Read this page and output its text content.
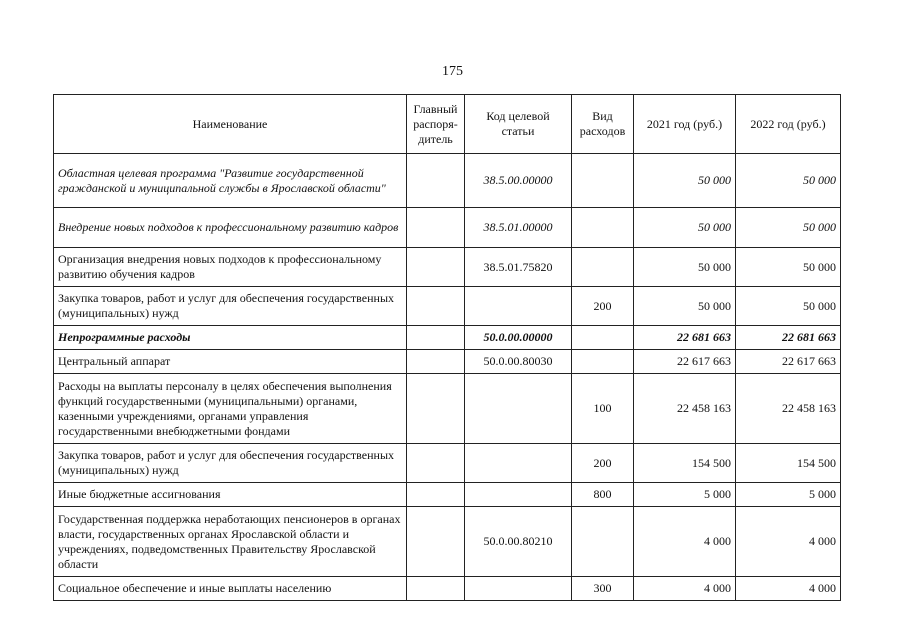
175
Наименование	Главный распоря-дитель	Код целевой статьи	Вид расходов	2021 год (руб.)	2022 год (руб.)
Областная целевая программа "Развитие государственной гражданской и муниципальной службы в Ярославской области"		38.5.00.00000		50 000	50 000
Внедрение новых подходов к профессиональному развитию кадров		38.5.01.00000		50 000	50 000
Организация внедрения новых подходов к профессиональному развитию обучения кадров		38.5.01.75820		50 000	50 000
Закупка товаров, работ и услуг для обеспечения государственных (муниципальных) нужд			200	50 000	50 000
Непрограммные расходы		50.0.00.00000		22 681 663	22 681 663
Центральный аппарат		50.0.00.80030		22 617 663	22 617 663
Расходы на выплаты персоналу в целях обеспечения выполнения функций государственными (муниципальными) органами, казенными учреждениями, органами управления государственными внебюджетными фондами			100	22 458 163	22 458 163
Закупка товаров, работ и услуг для обеспечения государственных (муниципальных) нужд			200	154 500	154 500
Иные бюджетные ассигнования			800	5 000	5 000
Государственная поддержка неработающих пенсионеров в органах власти, государственных органах Ярославской области и учреждениях, подведомственных Правительству Ярославской области		50.0.00.80210		4 000	4 000
Социальное обеспечение и иные выплаты населению			300	4 000	4 000
